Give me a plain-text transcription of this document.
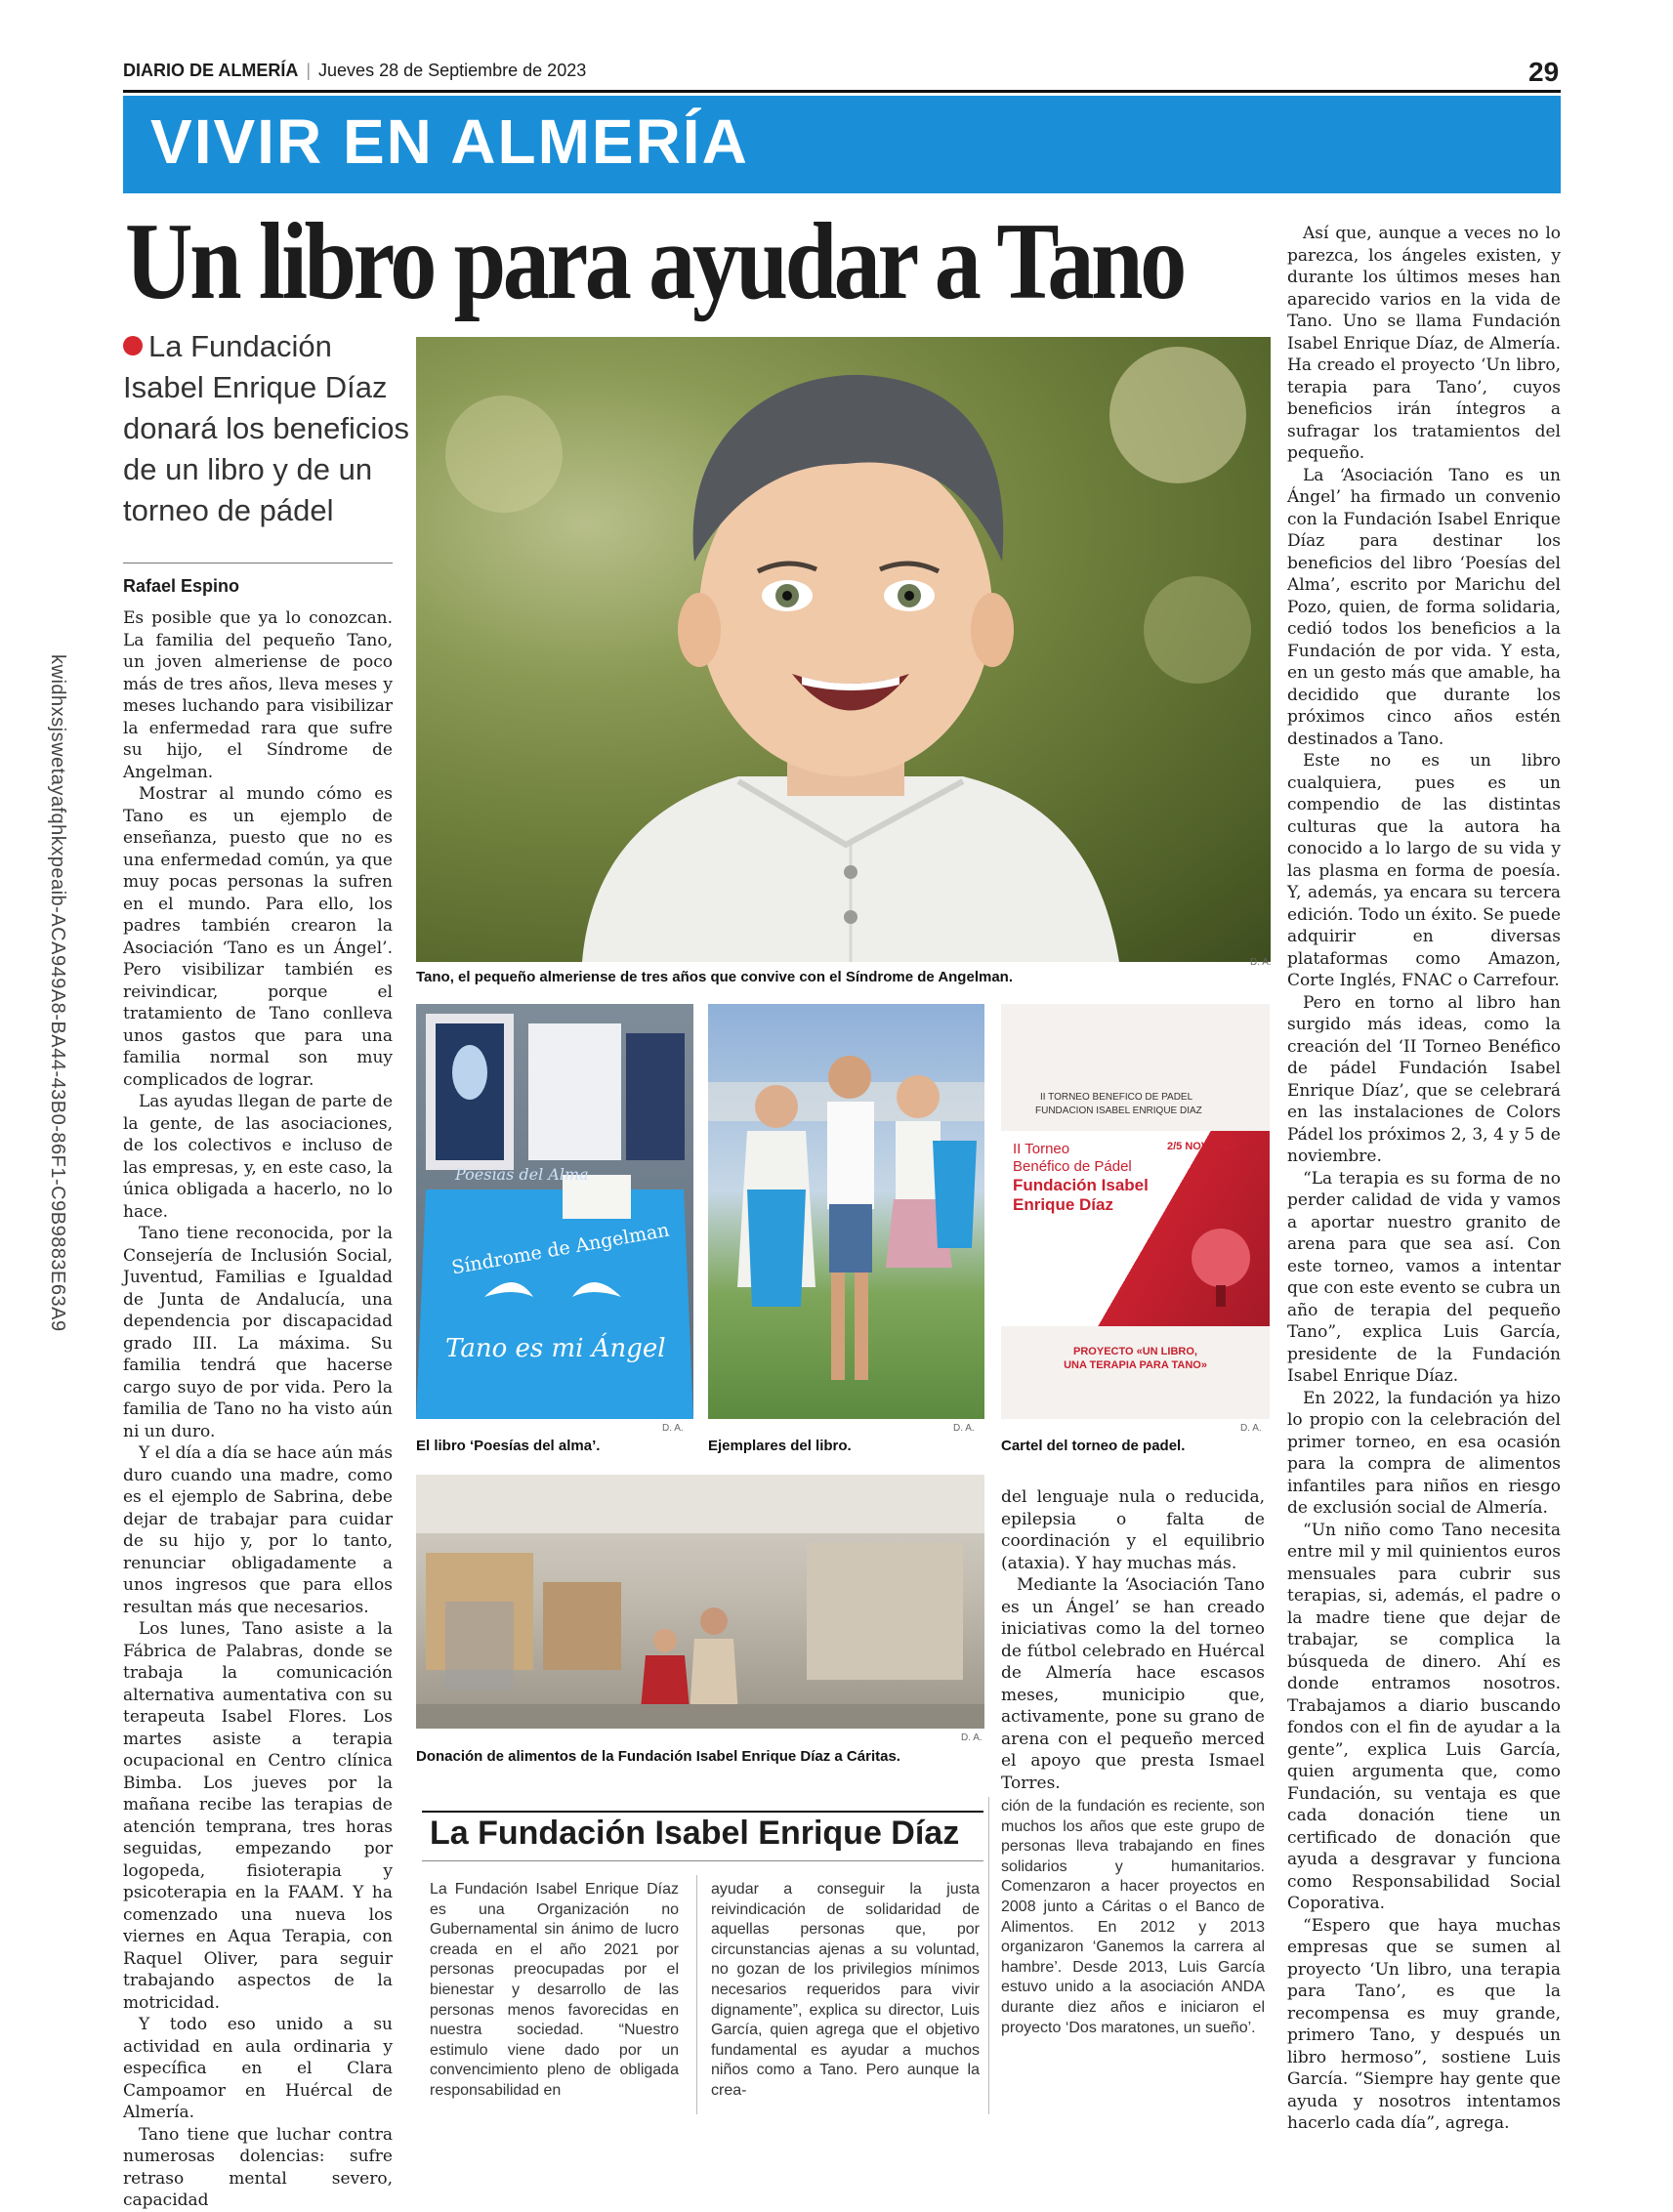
DIARIO DE ALMERÍA | Jueves 28 de Septiembre de 2023	29
VIVIR EN ALMERÍA
kwidhxsjswetayafqhkxpeaib-ACA949A8-BA44-43B0-86F1-C9B9883E63A9
Un libro para ayudar a Tano
La Fundación Isabel Enrique Díaz donará los beneficios de un libro y de un torneo de pádel
Rafael Espino

Es posible que ya lo conozcan. La familia del pequeño Tano, un joven almeriense de poco más de tres años, lleva meses y meses luchando para visibilizar la enfermedad rara que sufre su hijo, el Síndrome de Angelman.

Mostrar al mundo cómo es Tano es un ejemplo de enseñanza, puesto que no es una enfermedad común, ya que muy pocas personas la sufren en el mundo. Para ello, los padres también crearon la Asociación ‘Tano es un Ángel’. Pero visibilizar también es reivindicar, porque el tratamiento de Tano conlleva unos gastos que para una familia normal son muy complicados de lograr.

Las ayudas llegan de parte de la gente, de las asociaciones, de los colectivos e incluso de las empresas, y, en este caso, la única obligada a hacerlo, no lo hace.

Tano tiene reconocida, por la Consejería de Inclusión Social, Juventud, Familias e Igualdad de Junta de Andalucía, una dependencia por discapacidad grado III. La máxima. Su familia tendrá que hacerse cargo suyo de por vida. Pero la familia de Tano no ha visto aún ni un duro.

Y el día a día se hace aún más duro cuando una madre, como es el ejemplo de Sabrina, debe dejar de trabajar para cuidar de su hijo y, por lo tanto, renunciar obligadamente a unos ingresos que para ellos resultan más que necesarios.

Los lunes, Tano asiste a la Fábrica de Palabras, donde se trabaja la comunicación alternativa aumentativa con su terapeuta Isabel Flores. Los martes asiste a terapia ocupacional en Centro clínica Bimba. Los jueves por la mañana recibe las terapias de atención temprana, tres horas seguidas, empezando por logopeda, fisioterapia y psicoterapia en la FAAM. Y ha comenzado una nueva los viernes en Aqua Terapia, con Raquel Oliver, para seguir trabajando aspectos de la motricidad.

Y todo eso unido a su actividad en aula ordinaria y específica en el Clara Campoamor en Huércal de Almería.

Tano tiene que luchar contra numerosas dolencias: sufre retraso mental severo, capacidad

Tano, el pequeño almeriense de tres años que convive con el Síndrome de Angelman.
D. A.
Poesías del Alma
Síndrome de Angelman
Tano es mi Ángel
D. A.
El libro ‘Poesías del alma’.
D. A.
Ejemplares del libro.
II TORNEO BENEFICO DE PADEL
FUNDACION ISABEL ENRIQUE DIAZ
II Torneo
Benéfico de Pádel
Fundación Isabel
Enrique Díaz
2/5 NOV 2023
PROYECTO «UN LIBRO,
UNA TERAPIA PARA TANO»
D. A.
Cartel del torneo de padel.
D. A.
Donación de alimentos de la Fundación Isabel Enrique Díaz a Cáritas.

del lenguaje nula o reducida, epilepsia o falta de coordinación y el equilibrio (ataxia). Y hay muchas más.

Mediante la ‘Asociación Tano es un Ángel’ se han creado iniciativas como la del torneo de fútbol celebrado en Huércal de Almería hace escasos meses, municipio que, activamente, pone su grano de arena con el pequeño merced el apoyo que presta Ismael Torres.

Así que, aunque a veces no lo parezca, los ángeles existen, y durante los últimos meses han aparecido varios en la vida de Tano. Uno se llama Fundación Isabel Enrique Díaz, de Almería. Ha creado el proyecto ‘Un libro, terapia para Tano’, cuyos beneficios irán íntegros a sufragar los tratamientos del pequeño.

La ‘Asociación Tano es un Ángel’ ha firmado un convenio con la Fundación Isabel Enrique Díaz para destinar los beneficios del libro ‘Poesías del Alma’, escrito por Marichu del Pozo, quien, de forma solidaria, cedió todos los beneficios a la Fundación de por vida. Y esta, en un gesto más que amable, ha decidido que durante los próximos cinco años estén destinados a Tano.

Este no es un libro cualquiera, pues es un compendio de las distintas culturas que la autora ha conocido a lo largo de su vida y las plasma en forma de poesía. Y, además, ya encara su tercera edición. Todo un éxito. Se puede adquirir en diversas plataformas como Amazon, Corte Inglés, FNAC o Carrefour.

Pero en torno al libro han surgido más ideas, como la creación del ‘II Torneo Benéfico de pádel Fundación Isabel Enrique Díaz’, que se celebrará en las instalaciones de Colors Pádel los próximos 2, 3, 4 y 5 de noviembre.

“La terapia es su forma de no perder calidad de vida y vamos a aportar nuestro granito de arena para que sea así. Con este torneo, vamos a intentar que con este evento se cubra un año de terapia del pequeño Tano”, explica Luis García, presidente de la Fundación Isabel Enrique Díaz.

En 2022, la fundación ya hizo lo propio con la celebración del primer torneo, en esa ocasión para la compra de alimentos infantiles para niños en riesgo de exclusión social de Almería.

“Un niño como Tano necesita entre mil y mil quinientos euros mensuales para cubrir sus terapias, si, además, el padre o la madre tiene que dejar de trabajar, se complica la búsqueda de dinero. Ahí es donde entramos nosotros. Trabajamos a diario buscando fondos con el fin de ayudar a la gente”, explica Luis García, quien argumenta que, como Fundación, su ventaja es que cada donación tiene un certificado de donación que ayuda a desgravar y funciona como Responsabilidad Social Coporativa.

“Espero que haya muchas empresas que se sumen al proyecto ‘Un libro, una terapia para Tano’, es que la recompensa es muy grande, primero Tano, y después un libro hermoso”, sostiene Luis García. “Siempre hay gente que ayuda y nosotros intentamos hacerlo cada día”, agrega.

La Fundación Isabel Enrique Díaz
La Fundación Isabel Enrique Díaz es una Organización no Gubernamental sin ánimo de lucro creada en el año 2021 por personas preocupadas por el bienestar y desarrollo de las personas menos favorecidas en nuestra sociedad. “Nuestro estimulo viene dado por un convencimiento pleno de obligada responsabilidad en
ayudar a conseguir la justa reivindicación de solidaridad de aquellas personas que, por circunstancias ajenas a su voluntad, no gozan de los privilegios mínimos necesarios requeridos para vivir dignamente”, explica su director, Luis García, quien agrega que el objetivo fundamental es ayudar a muchos niños como a Tano. Pero aunque la crea-
ción de la fundación es reciente, son muchos los años que este grupo de personas lleva trabajando en fines solidarios y humanitarios. Comenzaron a hacer proyectos en 2008 junto a Cáritas o el Banco de Alimentos. En 2012 y 2013 organizaron ‘Ganemos la carrera al hambre’. Desde 2013, Luis García estuvo unido a la asociación ANDA durante diez años e iniciaron el proyecto ‘Dos maratones, un sueño’.
